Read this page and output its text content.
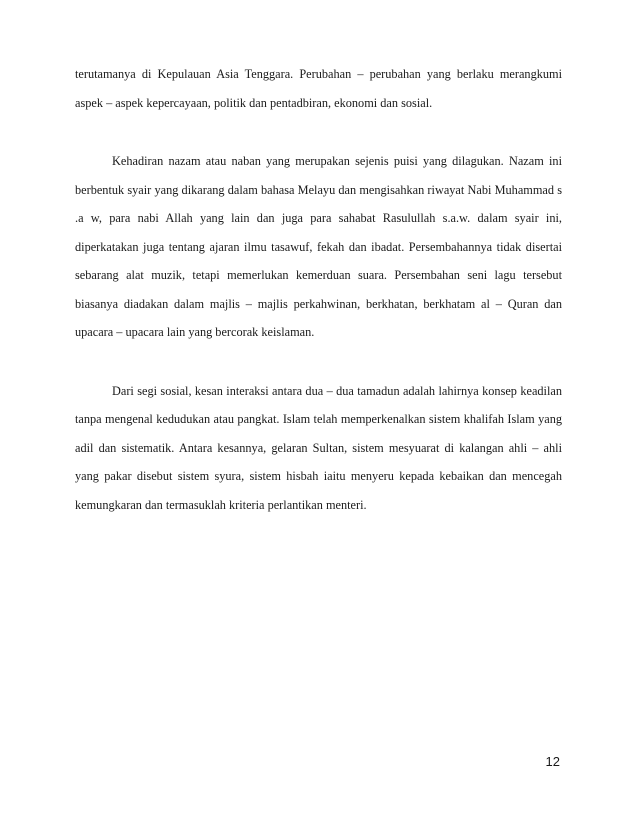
terutamanya di Kepulauan Asia Tenggara. Perubahan – perubahan yang berlaku merangkumi aspek – aspek kepercayaan, politik dan pentadbiran, ekonomi dan sosial.

Kehadiran nazam atau naban yang merupakan sejenis puisi yang dilagukan. Nazam ini berbentuk syair yang dikarang dalam bahasa Melayu dan mengisahkan riwayat Nabi Muhammad s .a w, para nabi Allah yang lain dan juga para sahabat Rasulullah s.a.w. dalam syair ini, diperkatakan juga tentang ajaran ilmu tasawuf, fekah dan ibadat. Persembahannya tidak disertai sebarang alat muzik, tetapi memerlukan kemerduan suara. Persembahan seni lagu tersebut biasanya diadakan dalam majlis – majlis perkahwinan, berkhatan, berkhatam al – Quran dan upacara – upacara lain yang bercorak keislaman.

Dari segi sosial, kesan interaksi antara dua – dua tamadun adalah lahirnya konsep keadilan tanpa mengenal kedudukan atau pangkat. Islam telah memperkenalkan sistem khalifah Islam yang adil dan sistematik. Antara kesannya, gelaran Sultan, sistem mesyuarat di kalangan ahli – ahli yang pakar disebut sistem syura, sistem hisbah iaitu menyeru kepada kebaikan dan mencegah kemungkaran dan termasuklah kriteria perlantikan menteri.

12
